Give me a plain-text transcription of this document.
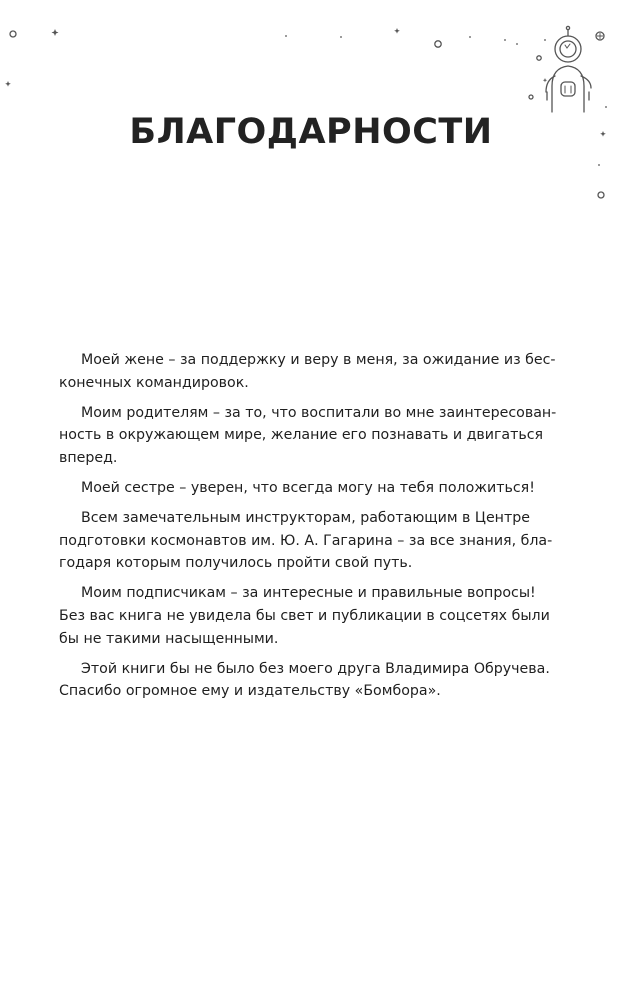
БЛАГОДАРНОСТИ

Моей жене – за поддержку и веру в меня, за ожидание из бес- конечных командировок.

Моим родителям – за то, что воспитали во мне заинтересован- ность в окружающем мире, желание его познавать и двигаться вперед.

Моей сестре – уверен, что всегда могу на тебя положиться!

Всем замечательным инструкторам, работающим в Центре подготовки космонавтов им. Ю. А. Гагарина – за все знания, бла- годаря которым получилось пройти свой путь.

Моим подписчикам – за интересные и правильные вопросы! Без вас книга не увидела бы свет и публикации в соцсетях были бы не такими насыщенными.

Этой книги бы не было без моего друга Владимира Обручева. Спасибо огромное ему и издательству «Бомбора».
